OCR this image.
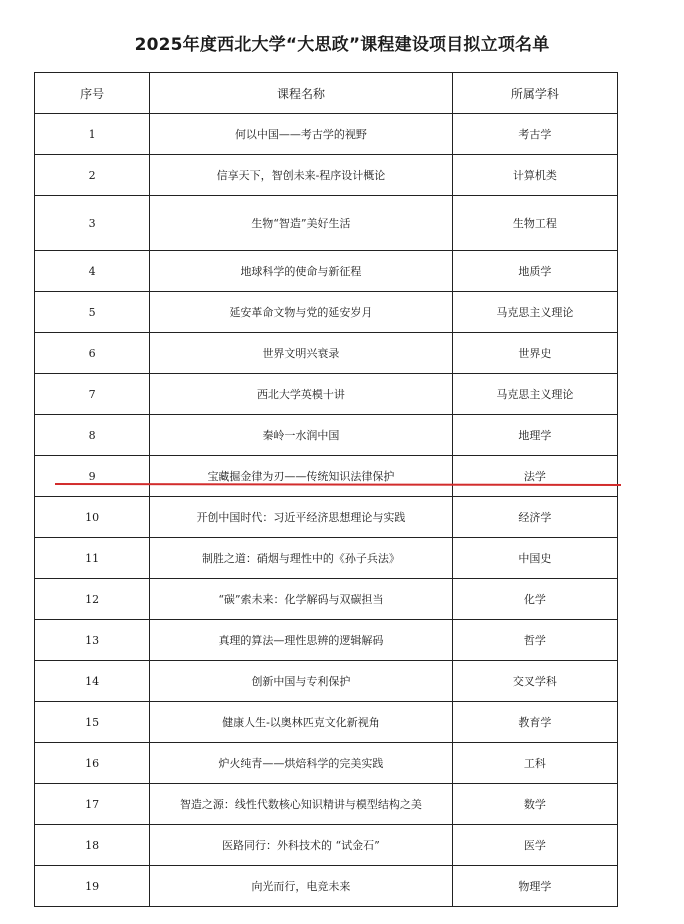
2025年度西北大学“大思政”课程建设项目拟立项名单
序号	课程名称	所属学科
1	何以中国——考古学的视野	考古学
2	信享天下，智创未来-程序设计概论	计算机类
3	生物“智造”美好生活	生物工程
4	地球科学的使命与新征程	地质学
5	延安革命文物与党的延安岁月	马克思主义理论
6	世界文明兴衰录	世界史
7	西北大学英模十讲	马克思主义理论
8	秦岭一水润中国	地理学
9	宝藏掘金律为刃——传统知识法律保护	法学
10	开创中国时代：习近平经济思想理论与实践	经济学
11	制胜之道：硝烟与理性中的《孙子兵法》	中国史
12	“碳”索未来：化学解码与双碳担当	化学
13	真理的算法—理性思辨的逻辑解码	哲学
14	创新中国与专利保护	交叉学科
15	健康人生-以奥林匹克文化新视角	教育学
16	炉火纯青——烘焙科学的完美实践	工科
17	智造之源：线性代数核心知识精讲与模型结构之美	数学
18	医路同行：外科技术的 “试金石”	医学
19	向光而行，电竞未来	物理学
